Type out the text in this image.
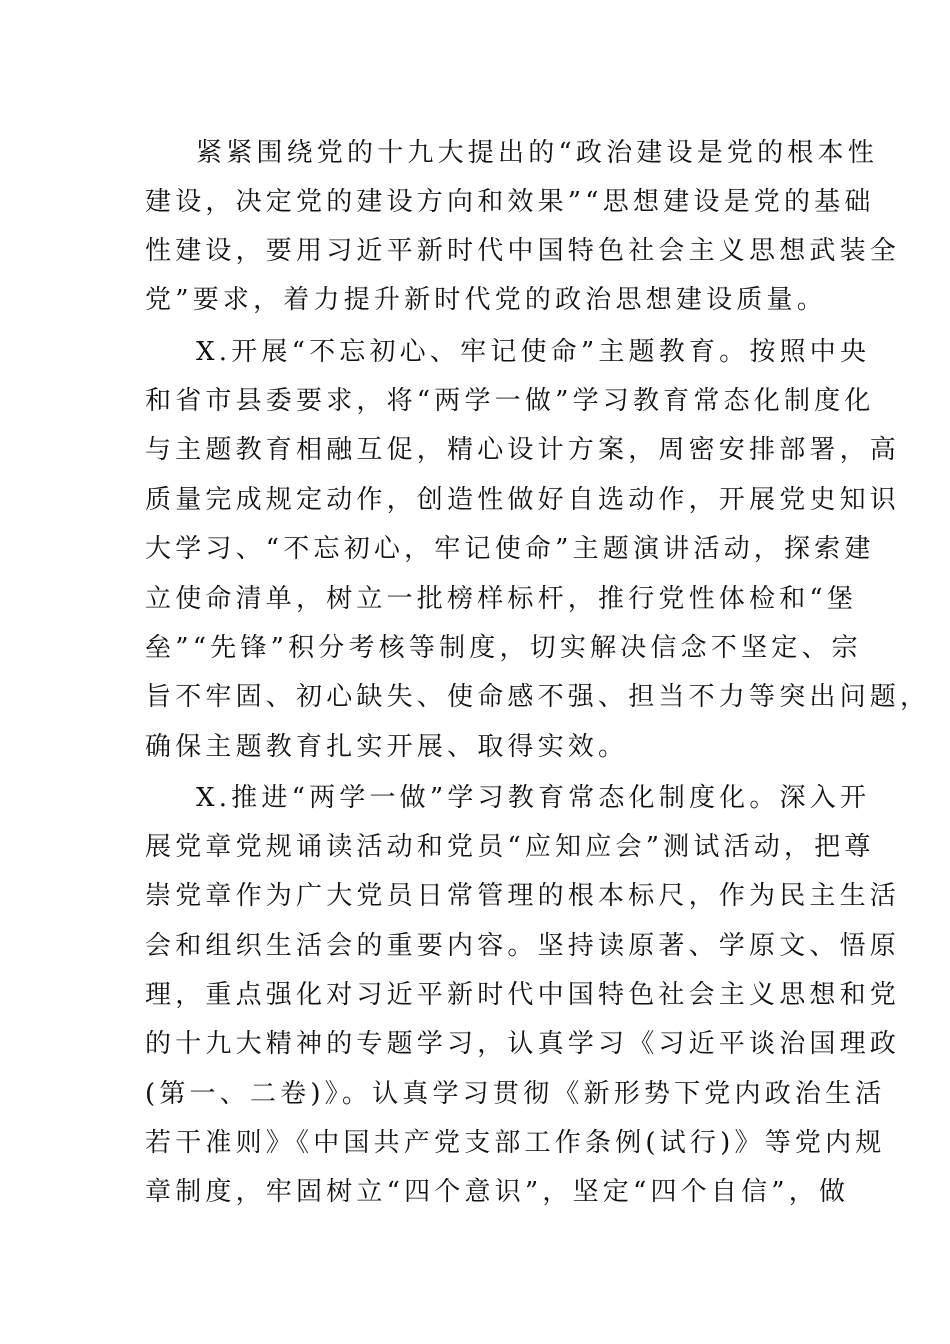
紧紧围绕党的十九大提出的“政治建设是党的根本性
建设，决定党的建设方向和效果”“思想建设是党的基础
性建设，要用习近平新时代中国特色社会主义思想武装全
党”要求，着力提升新时代党的政治思想建设质量。
X.开展“不忘初心、牢记使命”主题教育。按照中央
和省市县委要求，将“两学一做”学习教育常态化制度化
与主题教育相融互促，精心设计方案，周密安排部署，高
质量完成规定动作，创造性做好自选动作，开展党史知识
大学习、“不忘初心，牢记使命”主题演讲活动，探索建
立使命清单，树立一批榜样标杆，推行党性体检和“堡
垒”“先锋”积分考核等制度，切实解决信念不坚定、宗
旨不牢固、初心缺失、使命感不强、担当不力等突出问题，
确保主题教育扎实开展、取得实效。
X.推进“两学一做”学习教育常态化制度化。深入开
展党章党规诵读活动和党员“应知应会”测试活动，把尊
崇党章作为广大党员日常管理的根本标尺，作为民主生活
会和组织生活会的重要内容。坚持读原著、学原文、悟原
理，重点强化对习近平新时代中国特色社会主义思想和党
的十九大精神的专题学习，认真学习《习近平谈治国理政
(第一、二卷)》。认真学习贯彻《新形势下党内政治生活
若干准则》《中国共产党支部工作条例(试行)》等党内规
章制度，牢固树立“四个意识”，坚定“四个自信”，做
